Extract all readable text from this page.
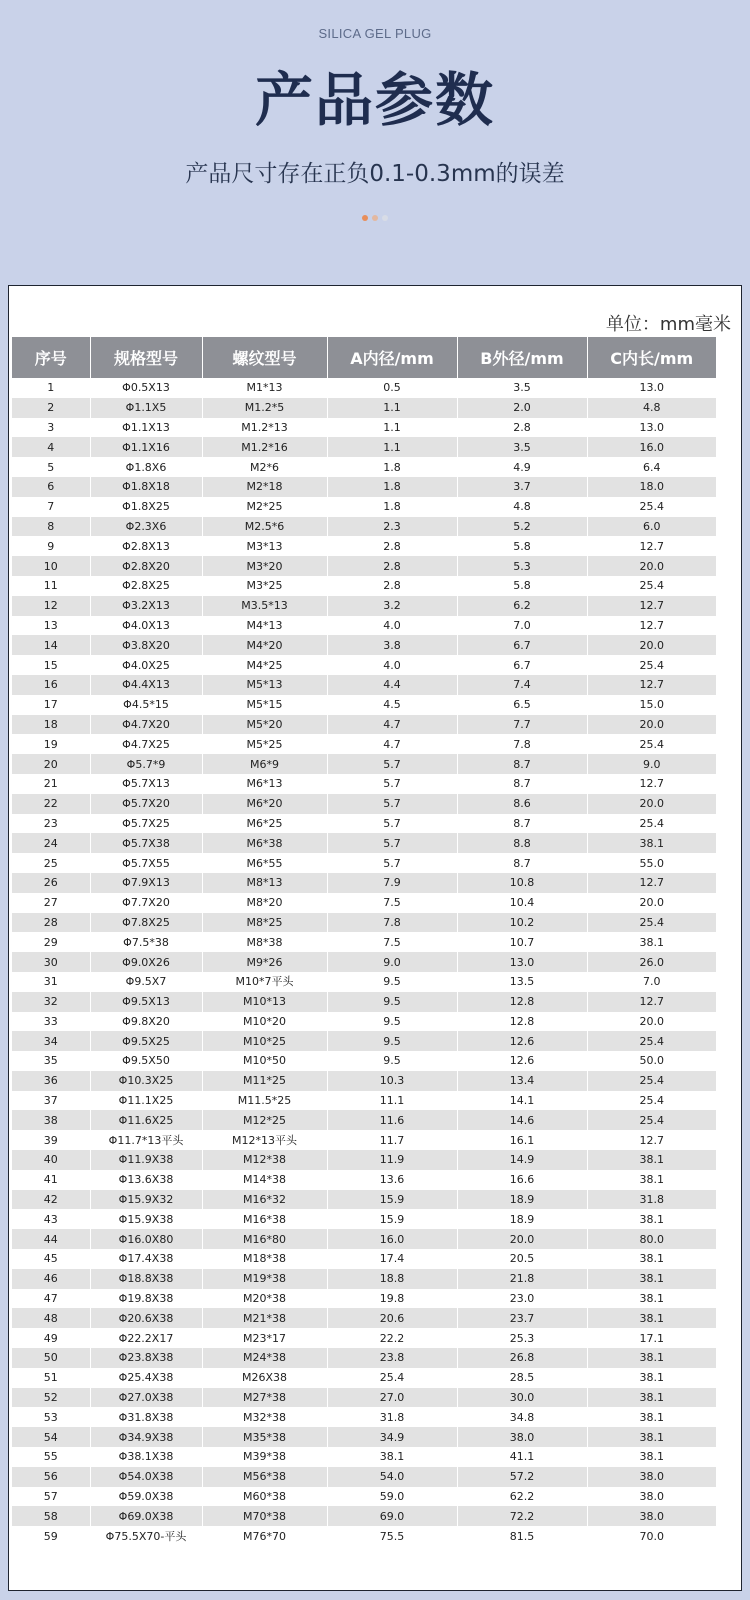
SILICA GEL PLUG
产品参数
产品尺寸存在正负0.1-0.3mm的误差

单位：mm毫米
序号	规格型号	螺纹型号	A内径/mm	B外径/mm	C内长/mm
1	Φ0.5X13	M1*13	0.5	3.5	13.0
2	Φ1.1X5	M1.2*5	1.1	2.0	4.8
3	Φ1.1X13	M1.2*13	1.1	2.8	13.0
4	Φ1.1X16	M1.2*16	1.1	3.5	16.0
5	Φ1.8X6	M2*6	1.8	4.9	6.4
6	Φ1.8X18	M2*18	1.8	3.7	18.0
7	Φ1.8X25	M2*25	1.8	4.8	25.4
8	Φ2.3X6	M2.5*6	2.3	5.2	6.0
9	Φ2.8X13	M3*13	2.8	5.8	12.7
10	Φ2.8X20	M3*20	2.8	5.3	20.0
11	Φ2.8X25	M3*25	2.8	5.8	25.4
12	Φ3.2X13	M3.5*13	3.2	6.2	12.7
13	Φ4.0X13	M4*13	4.0	7.0	12.7
14	Φ3.8X20	M4*20	3.8	6.7	20.0
15	Φ4.0X25	M4*25	4.0	6.7	25.4
16	Φ4.4X13	M5*13	4.4	7.4	12.7
17	Φ4.5*15	M5*15	4.5	6.5	15.0
18	Φ4.7X20	M5*20	4.7	7.7	20.0
19	Φ4.7X25	M5*25	4.7	7.8	25.4
20	Φ5.7*9	M6*9	5.7	8.7	9.0
21	Φ5.7X13	M6*13	5.7	8.7	12.7
22	Φ5.7X20	M6*20	5.7	8.6	20.0
23	Φ5.7X25	M6*25	5.7	8.7	25.4
24	Φ5.7X38	M6*38	5.7	8.8	38.1
25	Φ5.7X55	M6*55	5.7	8.7	55.0
26	Φ7.9X13	M8*13	7.9	10.8	12.7
27	Φ7.7X20	M8*20	7.5	10.4	20.0
28	Φ7.8X25	M8*25	7.8	10.2	25.4
29	Φ7.5*38	M8*38	7.5	10.7	38.1
30	Φ9.0X26	M9*26	9.0	13.0	26.0
31	Φ9.5X7	M10*7平头	9.5	13.5	7.0
32	Φ9.5X13	M10*13	9.5	12.8	12.7
33	Φ9.8X20	M10*20	9.5	12.8	20.0
34	Φ9.5X25	M10*25	9.5	12.6	25.4
35	Φ9.5X50	M10*50	9.5	12.6	50.0
36	Φ10.3X25	M11*25	10.3	13.4	25.4
37	Φ11.1X25	M11.5*25	11.1	14.1	25.4
38	Φ11.6X25	M12*25	11.6	14.6	25.4
39	Φ11.7*13平头	M12*13平头	11.7	16.1	12.7
40	Φ11.9X38	M12*38	11.9	14.9	38.1
41	Φ13.6X38	M14*38	13.6	16.6	38.1
42	Φ15.9X32	M16*32	15.9	18.9	31.8
43	Φ15.9X38	M16*38	15.9	18.9	38.1
44	Φ16.0X80	M16*80	16.0	20.0	80.0
45	Φ17.4X38	M18*38	17.4	20.5	38.1
46	Φ18.8X38	M19*38	18.8	21.8	38.1
47	Φ19.8X38	M20*38	19.8	23.0	38.1
48	Φ20.6X38	M21*38	20.6	23.7	38.1
49	Φ22.2X17	M23*17	22.2	25.3	17.1
50	Φ23.8X38	M24*38	23.8	26.8	38.1
51	Φ25.4X38	M26X38	25.4	28.5	38.1
52	Φ27.0X38	M27*38	27.0	30.0	38.1
53	Φ31.8X38	M32*38	31.8	34.8	38.1
54	Φ34.9X38	M35*38	34.9	38.0	38.1
55	Φ38.1X38	M39*38	38.1	41.1	38.1
56	Φ54.0X38	M56*38	54.0	57.2	38.0
57	Φ59.0X38	M60*38	59.0	62.2	38.0
58	Φ69.0X38	M70*38	69.0	72.2	38.0
59	Φ75.5X70-平头	M76*70	75.5	81.5	70.0
